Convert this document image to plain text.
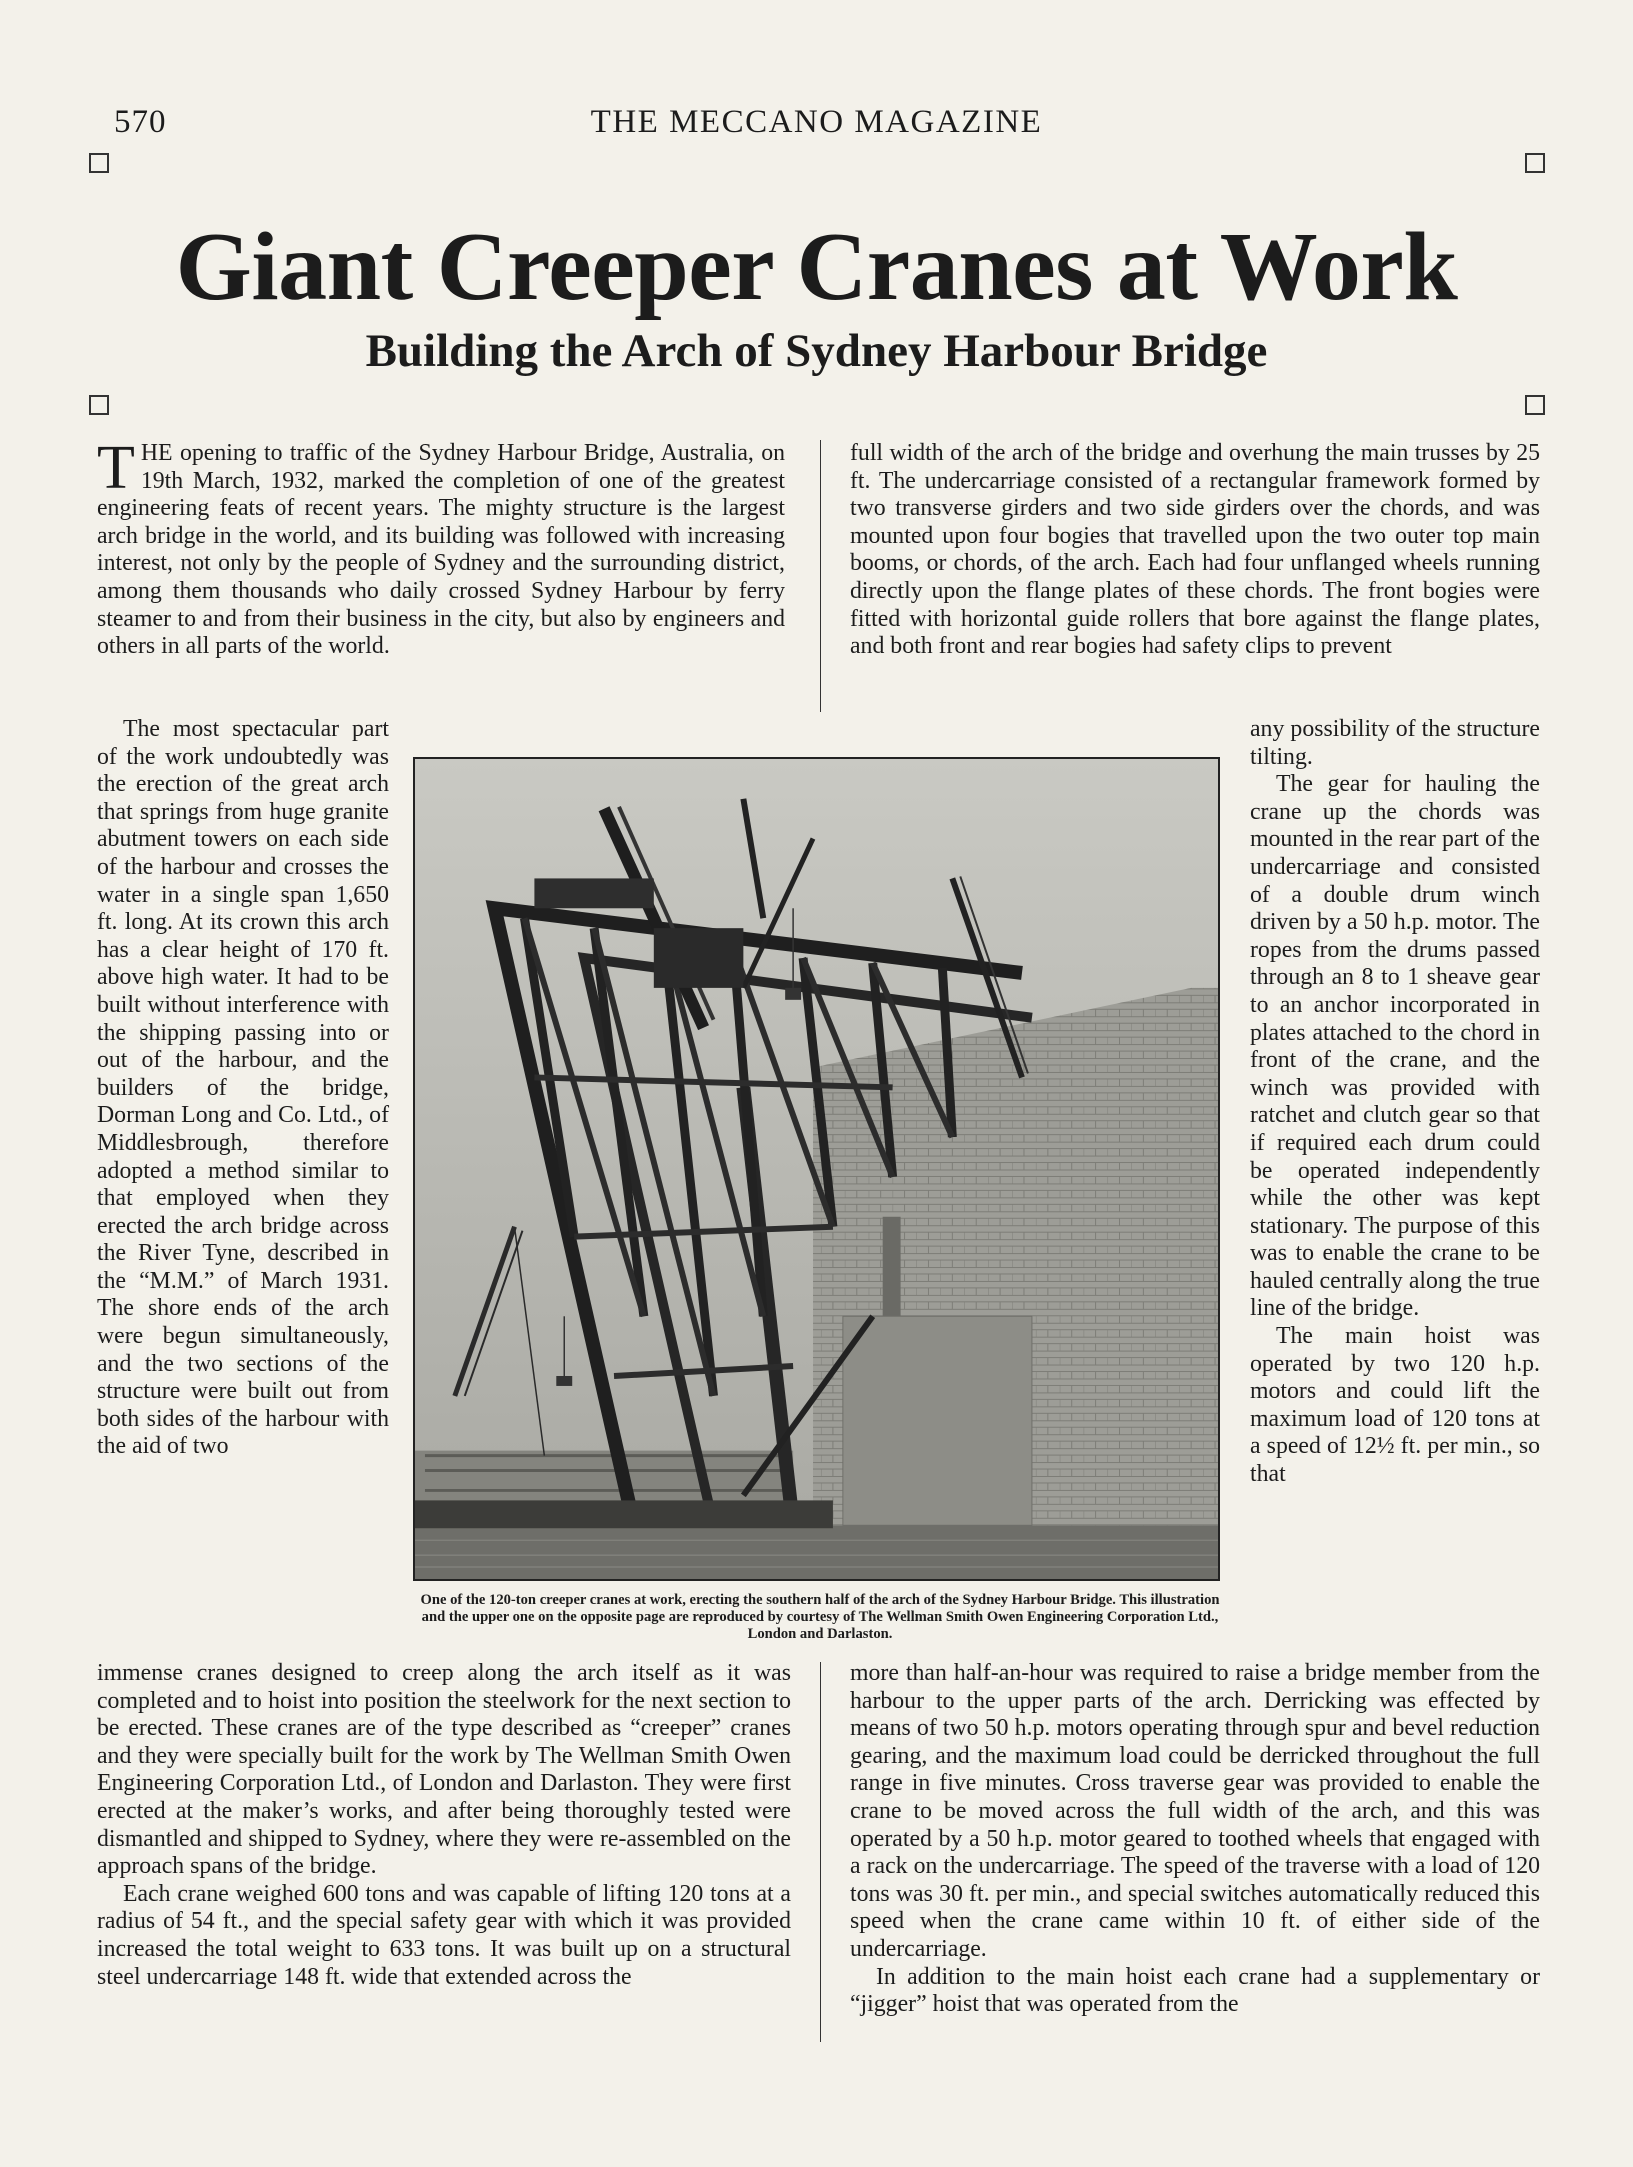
570	THE MECCANO MAGAZINE
Giant Creeper Cranes at Work
Building the Arch of Sydney Harbour Bridge

THE opening to traffic of the Sydney Harbour Bridge, Australia, on 19th March, 1932, marked the completion of one of the greatest engineering feats of recent years. The mighty structure is the largest arch bridge in the world, and its building was followed with increasing interest, not only by the people of Sydney and the surrounding district, among them thousands who daily crossed Sydney Harbour by ferry steamer to and from their business in the city, but also by engineers and others in all parts of the world.

The most spectacular part of the work undoubtedly was the erection of the great arch that springs from huge granite abutment towers on each side of the harbour and crosses the water in a single span 1,650 ft. long. At its crown this arch has a clear height of 170 ft. above high water. It had to be built without interference with the shipping passing into or out of the harbour, and the builders of the bridge, Dorman Long and Co. Ltd., of Middlesbrough, therefore adopted a method similar to that employed when they erected the arch bridge across the River Tyne, described in the “M.M.” of March 1931. The shore ends of the arch were begun simultaneously, and the two sections of the structure were built out from both sides of the harbour with the aid of two

immense cranes designed to creep along the arch itself as it was completed and to hoist into position the steelwork for the next section to be erected. These cranes are of the type described as “creeper” cranes and they were specially built for the work by The Wellman Smith Owen Engineering Corporation Ltd., of London and Darlaston. They were first erected at the maker’s works, and after being thoroughly tested were dismantled and shipped to Sydney, where they were re-assembled on the approach spans of the bridge.

Each crane weighed 600 tons and was capable of lifting 120 tons at a radius of 54 ft., and the special safety gear with which it was provided increased the total weight to 633 tons. It was built up on a structural steel undercarriage 148 ft. wide that extended across the

full width of the arch of the bridge and overhung the main trusses by 25 ft. The undercarriage consisted of a rectangular framework formed by two transverse girders and two side girders over the chords, and was mounted upon four bogies that travelled upon the two outer top main booms, or chords, of the arch. Each had four unflanged wheels running directly upon the flange plates of these chords. The front bogies were fitted with horizontal guide rollers that bore against the flange plates, and both front and rear bogies had safety clips to prevent

any possibility of the structure tilting.

The gear for hauling the crane up the chords was mounted in the rear part of the undercarriage and consisted of a double drum winch driven by a 50 h.p. motor. The ropes from the drums passed through an 8 to 1 sheave gear to an anchor incorporated in plates attached to the chord in front of the crane, and the winch was provided with ratchet and clutch gear so that if required each drum could be operated independently while the other was kept stationary. The purpose of this was to enable the crane to be hauled centrally along the true line of the bridge.

The main hoist was operated by two 120 h.p. motors and could lift the maximum load of 120 tons at a speed of 12½ ft. per min., so that

more than half-an-hour was required to raise a bridge member from the harbour to the upper parts of the arch. Derricking was effected by means of two 50 h.p. motors operating through spur and bevel reduction gearing, and the maximum load could be derricked throughout the full range in five minutes. Cross traverse gear was provided to enable the crane to be moved across the full width of the arch, and this was operated by a 50 h.p. motor geared to toothed wheels that engaged with a rack on the undercarriage. The speed of the traverse with a load of 120 tons was 30 ft. per min., and special switches automatically reduced this speed when the crane came within 10 ft. of either side of the undercarriage.

In addition to the main hoist each crane had a supplementary or “jigger” hoist that was operated from the

One of the 120-ton creeper cranes at work, erecting the southern half of the arch of the Sydney Harbour Bridge. This illustration and the upper one on the opposite page are reproduced by courtesy of The Wellman Smith Owen Engineering Corporation Ltd., London and Darlaston.
